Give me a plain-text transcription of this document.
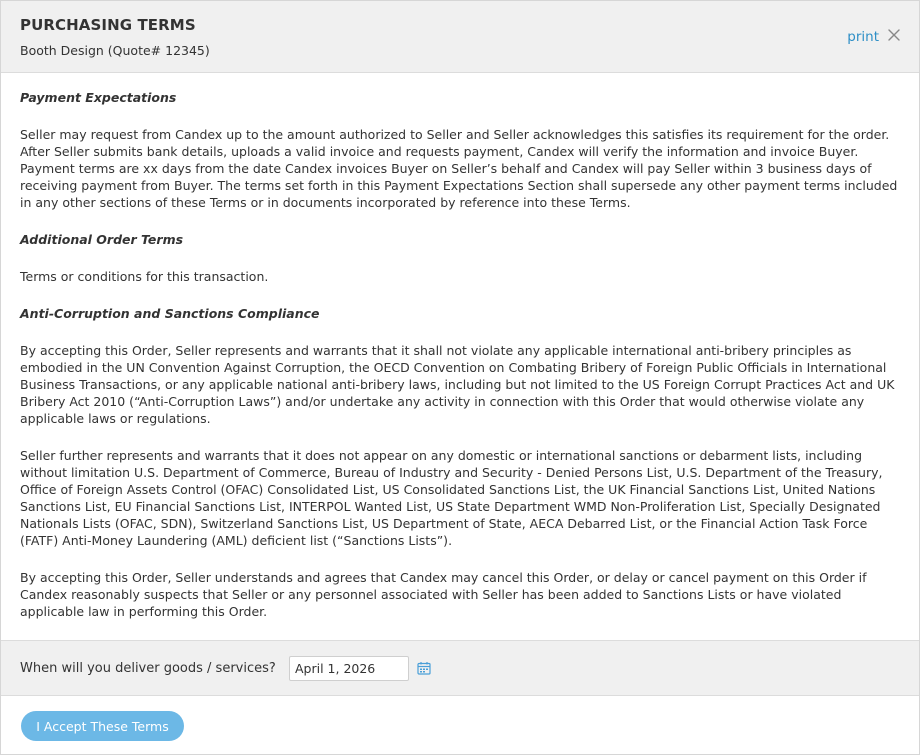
PURCHASING TERMS
Booth Design (Quote# 12345)
print
Payment Expectations
Seller may request from Candex up to the amount authorized to Seller and Seller acknowledges this satisfies its requirement for the order. After Seller submits bank details, uploads a valid invoice and requests payment, Candex will verify the information and invoice Buyer. Payment terms are xx days from the date Candex invoices Buyer on Seller’s behalf and Candex will pay Seller within 3 business days of receiving payment from Buyer. The terms set forth in this Payment Expectations Section shall supersede any other payment terms included in any other sections of these Terms or in documents incorporated by reference into these Terms.
Additional Order Terms
Terms or conditions for this transaction.
Anti-Corruption and Sanctions Compliance
By accepting this Order, Seller represents and warrants that it shall not violate any applicable international anti-bribery principles as embodied in the UN Convention Against Corruption, the OECD Convention on Combating Bribery of Foreign Public Officials in International Business Transactions, or any applicable national anti-bribery laws, including but not limited to the US Foreign Corrupt Practices Act and UK Bribery Act 2010 (“Anti-Corruption Laws”) and/or undertake any activity in connection with this Order that would otherwise violate any applicable laws or regulations.
Seller further represents and warrants that it does not appear on any domestic or international sanctions or debarment lists, including without limitation U.S. Department of Commerce, Bureau of Industry and Security - Denied Persons List, U.S. Department of the Treasury, Office of Foreign Assets Control (OFAC) Consolidated List, US Consolidated Sanctions List, the UK Financial Sanctions List, United Nations Sanctions List, EU Financial Sanctions List, INTERPOL Wanted List, US State Department WMD Non-Proliferation List, Specially Designated Nationals Lists (OFAC, SDN), Switzerland Sanctions List, US Department of State, AECA Debarred List, or the Financial Action Task Force (FATF) Anti-Money Laundering (AML) deficient list (“Sanctions Lists”).
By accepting this Order, Seller understands and agrees that Candex may cancel this Order, or delay or cancel payment on this Order if Candex reasonably suspects that Seller or any personnel associated with Seller has been added to Sanctions Lists or have violated applicable law in performing this Order.
When will you deliver goods / services?
April 1, 2026
I Accept These Terms
